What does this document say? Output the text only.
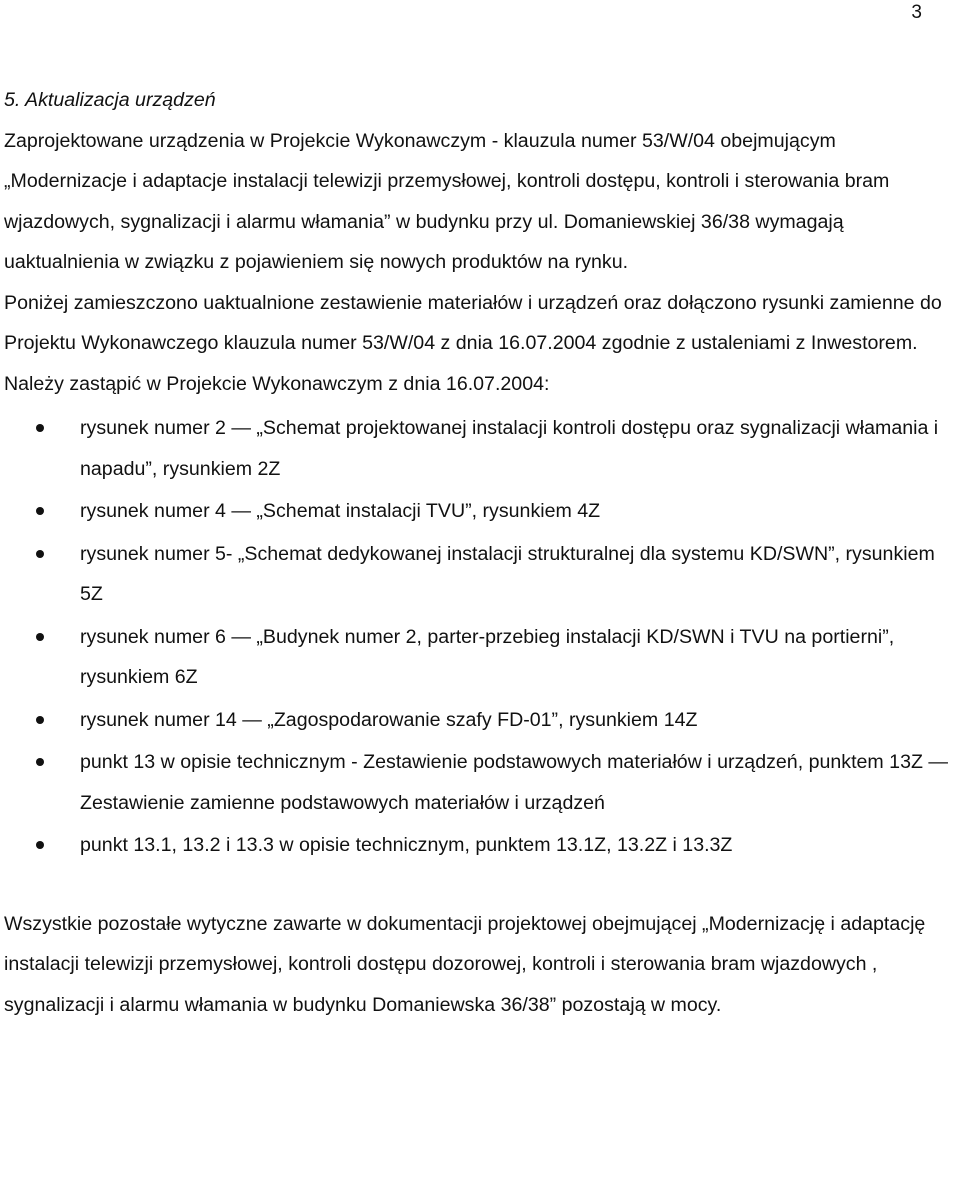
3
5. Aktualizacja urządzeń

Zaprojektowane urządzenia w Projekcie Wykonawczym - klauzula numer 53/W/04 obejmującym „Modernizacje i adaptacje instalacji telewizji przemysłowej, kontroli dostępu, kontroli i sterowania bram wjazdowych, sygnalizacji i alarmu włamania” w budynku przy ul. Domaniewskiej 36/38 wymagają uaktualnienia w związku z pojawieniem się nowych produktów na rynku.

Poniżej zamieszczono uaktualnione zestawienie materiałów i urządzeń oraz dołączono rysunki zamienne do Projektu Wykonawczego klauzula numer 53/W/04 z dnia 16.07.2004 zgodnie z ustaleniami z Inwestorem.

Należy zastąpić w Projekcie Wykonawczym z dnia 16.07.2004:

rysunek numer 2 — „Schemat projektowanej instalacji kontroli dostępu oraz sygnalizacji włamania i napadu”, rysunkiem 2Z
rysunek numer 4 — „Schemat instalacji TVU”, rysunkiem 4Z
rysunek numer 5- „Schemat dedykowanej instalacji strukturalnej dla systemu KD/SWN”, rysunkiem 5Z
rysunek numer 6 — „Budynek numer 2, parter-przebieg instalacji KD/SWN i TVU na portierni”, rysunkiem 6Z
rysunek numer 14 — „Zagospodarowanie szafy FD-01”, rysunkiem 14Z
punkt 13 w opisie technicznym - Zestawienie podstawowych materiałów i urządzeń, punktem 13Z — Zestawienie zamienne podstawowych materiałów i urządzeń
punkt 13.1, 13.2 i 13.3 w opisie technicznym, punktem 13.1Z, 13.2Z i 13.3Z

Wszystkie pozostałe wytyczne zawarte w dokumentacji projektowej obejmującej „Modernizację i adaptację instalacji telewizji przemysłowej, kontroli dostępu dozorowej, kontroli i sterowania bram wjazdowych , sygnalizacji i alarmu włamania w budynku Domaniewska 36/38” pozostają w mocy.
